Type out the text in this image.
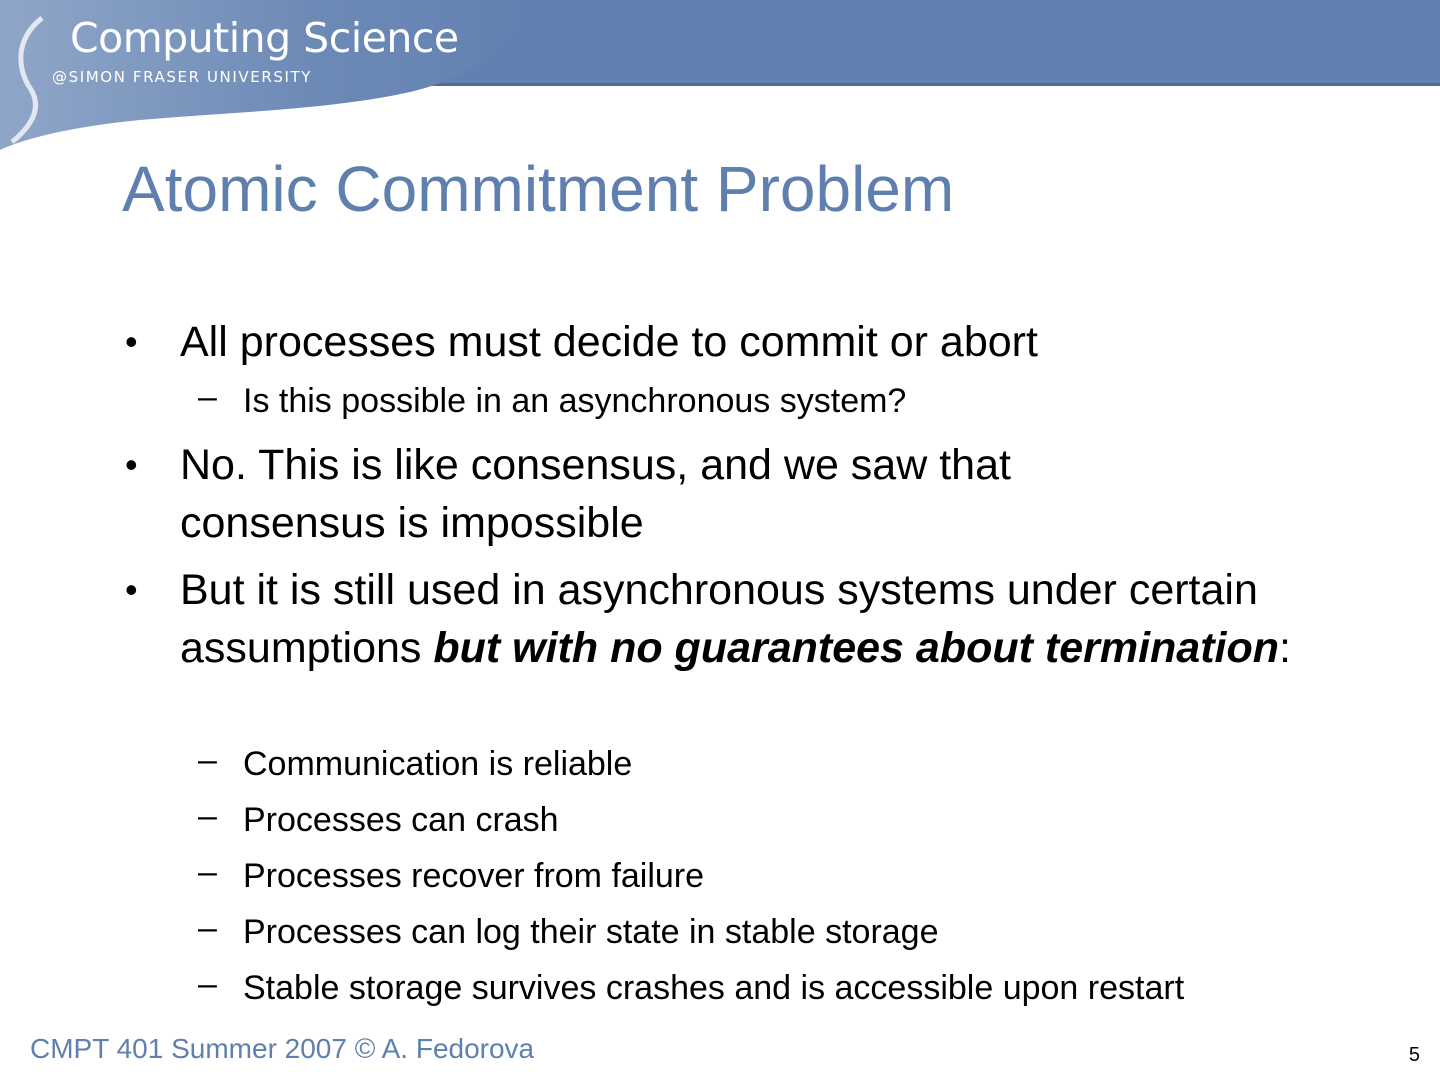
Computing Science
@SIMON FRASER UNIVERSITY
Atomic Commitment Problem
• All processes must decide to commit or abort
– Is this possible in an asynchronous system?
• No. This is like consensus, and we saw that
consensus is impossible
• But it is still used in asynchronous systems under certain assumptions but with no guarantees about termination:
– Communication is reliable
– Processes can crash
– Processes recover from failure
– Processes can log their state in stable storage
– Stable storage survives crashes and is accessible upon restart
CMPT 401 Summer 2007 © A. Fedorova	5
